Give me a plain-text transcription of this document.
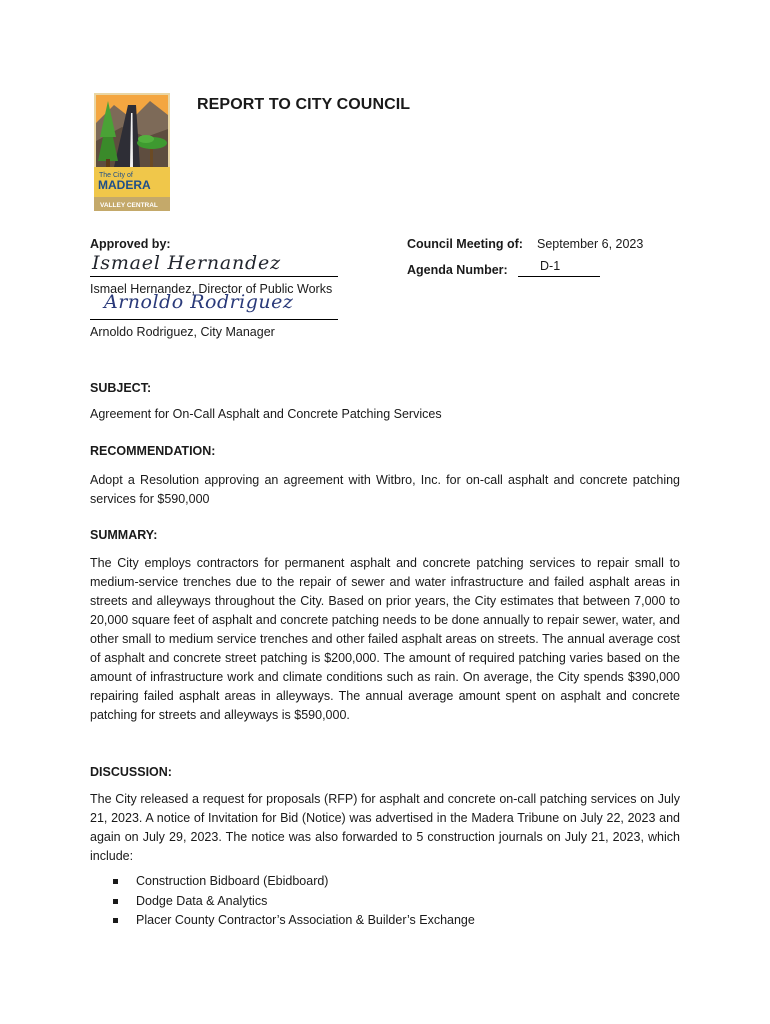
The City of
MADERA
VALLEY CENTRAL
REPORT TO CITY COUNCIL
Approved by:
Ismael Hernandez
Ismael Hernandez, Director of Public Works
Arnoldo Rodriguez
Arnoldo Rodriguez, City Manager
Council Meeting of: September 6, 2023
Agenda Number:	D-1
SUBJECT:
Agreement for On-Call Asphalt and Concrete Patching Services
RECOMMENDATION:
Adopt a Resolution approving an agreement with Witbro, Inc. for on-call asphalt and concrete patching services for $590,000
SUMMARY:
The City employs contractors for permanent asphalt and concrete patching services to repair small to medium-service trenches due to the repair of sewer and water infrastructure and failed asphalt areas in streets and alleyways throughout the City. Based on prior years, the City estimates that between 7,000 to 20,000 square feet of asphalt and concrete patching needs to be done annually to repair sewer, water, and other small to medium service trenches and other failed asphalt areas on streets. The annual average cost of asphalt and concrete street patching is $200,000. The amount of required patching varies based on the amount of infrastructure work and climate conditions such as rain. On average, the City spends $390,000 repairing failed asphalt areas in alleyways. The annual average amount spent on asphalt and concrete patching for streets and alleyways is $590,000.
DISCUSSION:
The City released a request for proposals (RFP) for asphalt and concrete on-call patching services on July 21, 2023. A notice of Invitation for Bid (Notice) was advertised in the Madera Tribune on July 22, 2023 and again on July 29, 2023. The notice was also forwarded to 5 construction journals on July 21, 2023, which include:
Construction Bidboard (Ebidboard)
Dodge Data & Analytics
Placer County Contractor’s Association & Builder’s Exchange
